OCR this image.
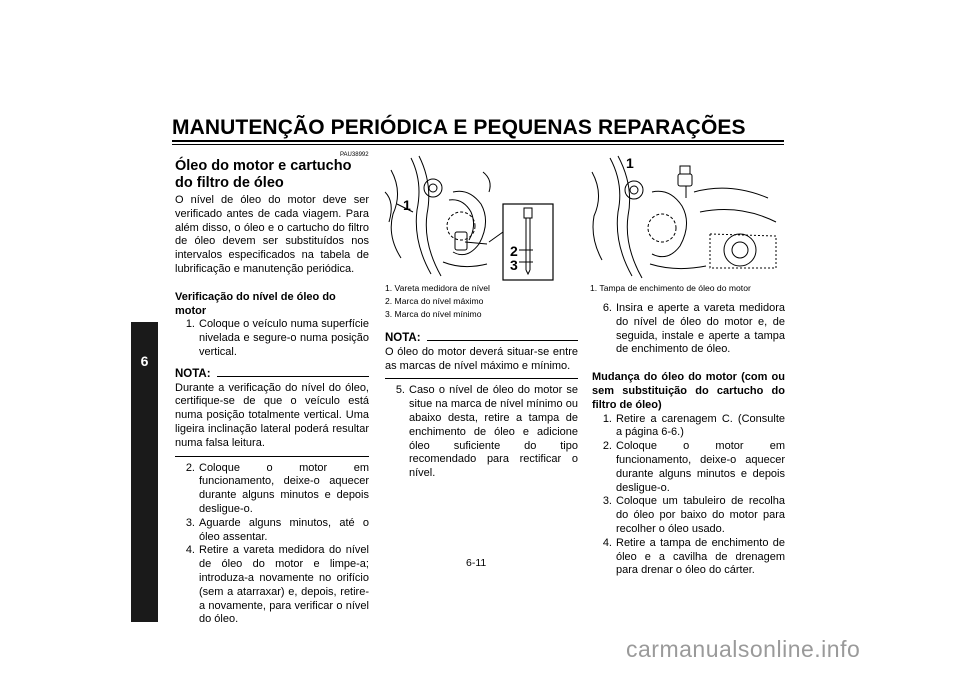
MANUTENÇÃO PERIÓDICA E PEQUENAS REPARAÇÕES
6
PAU38992
Óleo do motor e cartucho do filtro de óleo

O nível de óleo do motor deve ser verificado antes de cada viagem. Para além disso, o óleo e o cartucho do filtro de óleo devem ser substituídos nos intervalos especificados na tabela de lubrificação e manutenção periódica.

Verificação do nível de óleo do motor

1. Coloque o veículo numa superfície nivelada e segure-o numa posição vertical.
NOTA:

Durante a verificação do nível do óleo, certifique-se de que o veículo está numa posição totalmente vertical. Uma ligeira inclinação lateral poderá resultar numa falsa leitura.

2. Coloque o motor em funcionamento, deixe-o aquecer durante alguns minutos e depois desligue-o.
3. Aguarde alguns minutos, até o óleo assentar.
4. Retire a vareta medidora do nível de óleo do motor e limpe-a; introduza-a novamente no orifício (sem a atarraxar) e, depois, retire-a novamente, para verificar o nível do óleo.
1
2
3
1. Vareta medidora de nível
2. Marca do nível máximo
3. Marca do nível mínimo
NOTA:

O óleo do motor deverá situar-se entre as marcas de nível máximo e mínimo.

5. Caso o nível de óleo do motor se situe na marca de nível mínimo ou abaixo desta, retire a tampa de enchimento de óleo e adicione óleo suficiente do tipo recomendado para rectificar o nível.
1
1. Tampa de enchimento de óleo do motor
6. Insira e aperte a vareta medidora do nível de óleo do motor e, de seguida, instale e aperte a tampa de enchimento de óleo.

Mudança do óleo do motor (com ou sem substituição do cartucho do filtro de óleo)

1. Retire a carenagem C. (Consulte a página 6-6.)
2. Coloque o motor em funcionamento, deixe-o aquecer durante alguns minutos e depois desligue-o.
3. Coloque um tabuleiro de recolha do óleo por baixo do motor para recolher o óleo usado.
4. Retire a tampa de enchimento de óleo e a cavilha de drenagem para drenar o óleo do cárter.
6-11
carmanualsonline.info
